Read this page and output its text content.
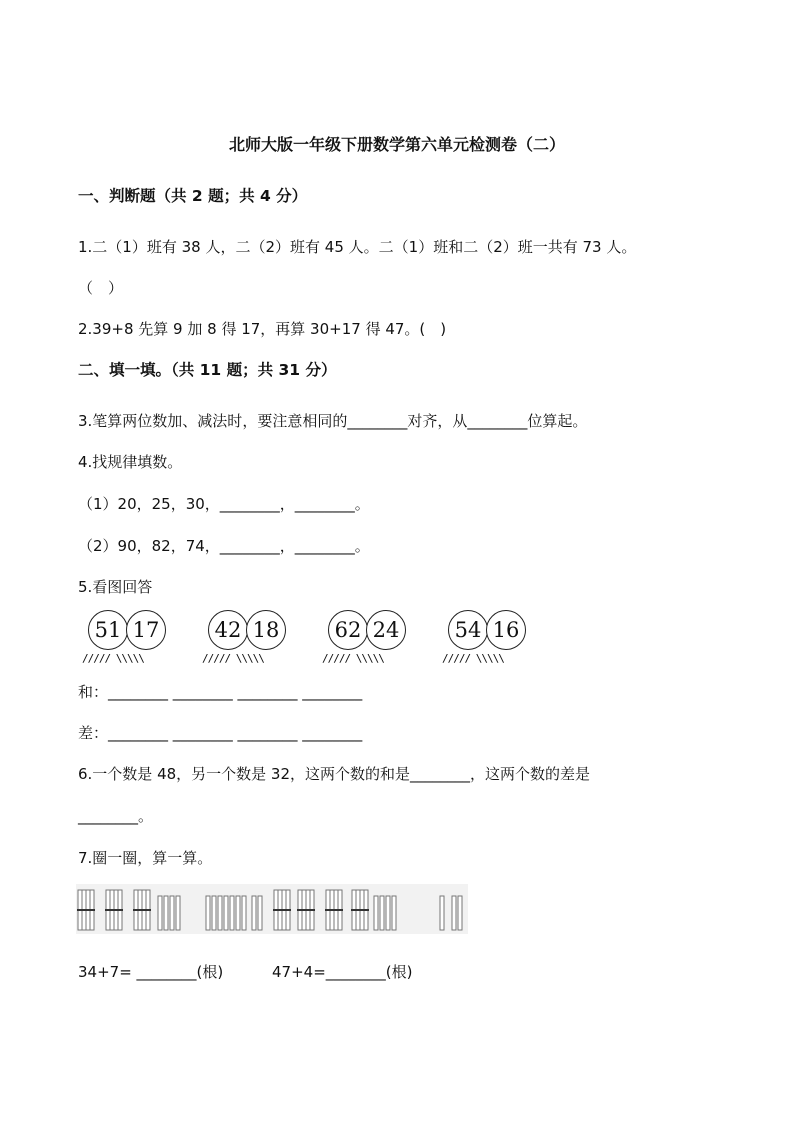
北师大版一年级下册数学第六单元检测卷（二）
一、判断题（共 2 题；共 4 分）
1.二（1）班有 38 人，二（2）班有 45 人。二（1）班和二（2）班一共有 73 人。
（　）
2.39+8 先算 9 加 8 得 17，再算 30+17 得 47。(　)
二、填一填。（共 11 题；共 31 分）
3.笔算两位数加、减法时，要注意相同的________对齐，从________位算起。
4.找规律填数。
（1）20，25，30，________，________。
（2）90，82，74，________，________。
5.看图回答
51 17
///// \\\\\
42 18
///// \\\\\
62 24
///// \\\\\
54 16
///// \\\\\
和：________ ________ ________ ________
差：________ ________ ________ ________
6.一个数是 48，另一个数是 32，这两个数的和是________，这两个数的差是
________。
7.圈一圈，算一算。
34+7= ________(根)	47+4=________(根)
